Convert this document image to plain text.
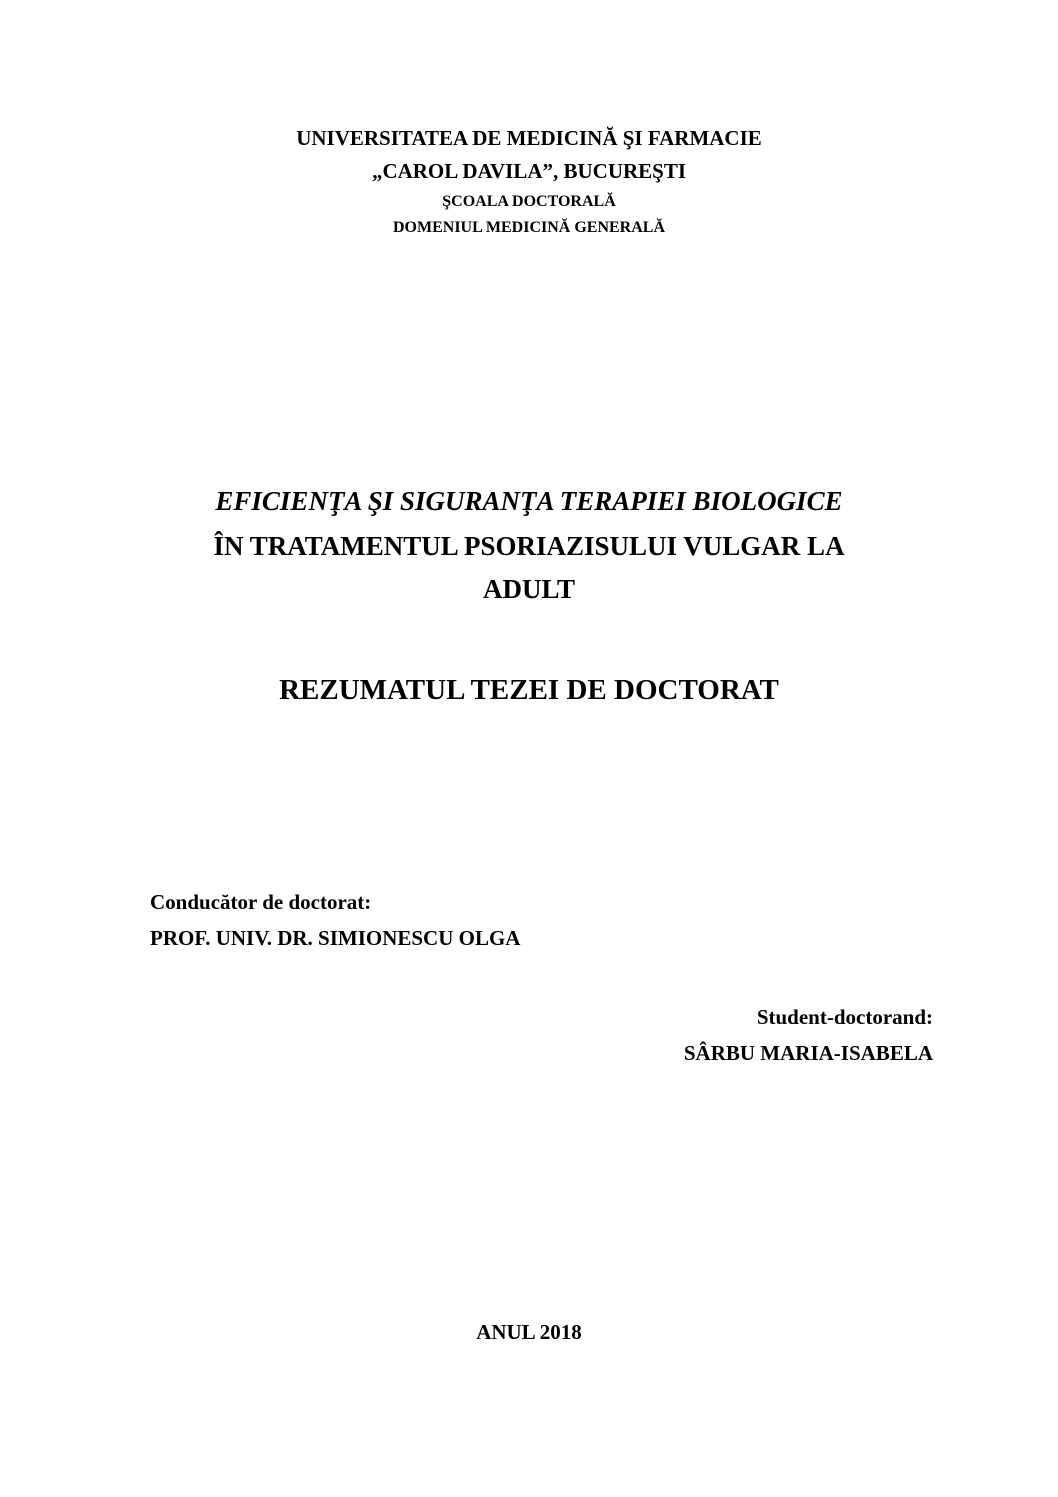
UNIVERSITATEA DE MEDICINĂ ŞI FARMACIE

„CAROL DAVILA”, BUCUREŞTI

ŞCOALA DOCTORALĂ

DOMENIUL MEDICINĂ GENERALĂ

EFICIENŢA ŞI SIGURANŢA TERAPIEI BIOLOGICE

ÎN TRATAMENTUL PSORIAZISULUI VULGAR LA

ADULT

REZUMATUL TEZEI DE DOCTORAT

Conducător de doctorat:
PROF. UNIV. DR. SIMIONESCU OLGA
Student-doctorand:
SÂRBU MARIA-ISABELA

ANUL 2018
